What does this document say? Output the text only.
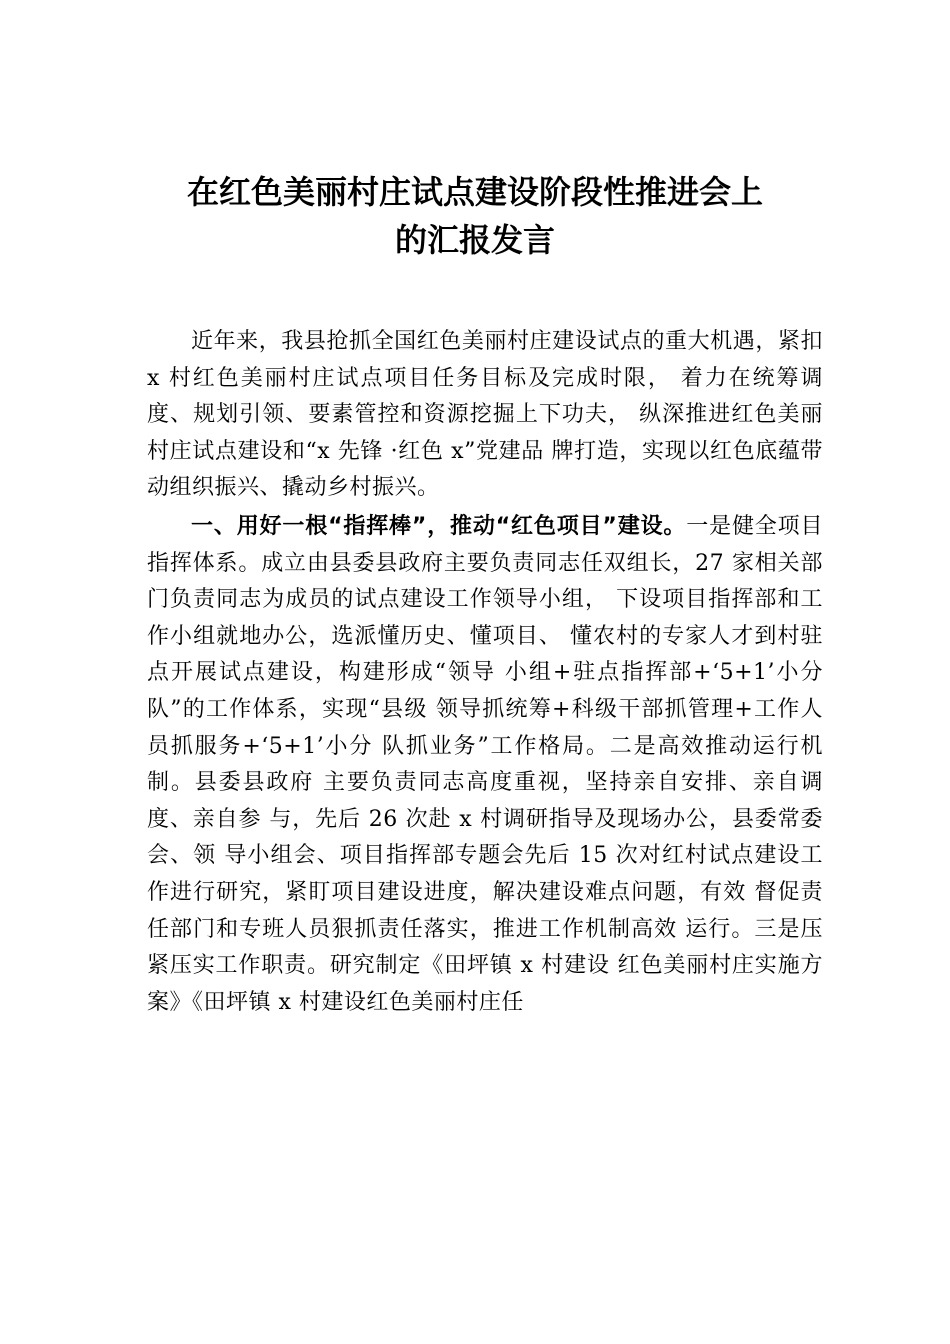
在红色美丽村庄试点建设阶段性推进会上
的汇报发言

近年来，我县抢抓全国红色美丽村庄建设试点的重大机遇，紧扣 x 村红色美丽村庄试点项目任务目标及完成时限， 着力在统筹调度、规划引领、要素管控和资源挖掘上下功夫， 纵深推进红色美丽村庄试点建设和“x 先锋 ·红色 x”党建品 牌打造，实现以红色底蕴带动组织振兴、撬动乡村振兴。

一、用好一根“指挥棒”，推动“红色项目”建设。一是健全项目指挥体系。成立由县委县政府主要负责同志任双组长，27 家相关部门负责同志为成员的试点建设工作领导小组， 下设项目指挥部和工作小组就地办公，选派懂历史、懂项目、 懂农村的专家人才到村驻点开展试点建设，构建形成“领导 小组+驻点指挥部+‘5+1’小分队”的工作体系，实现“县级 领导抓统筹+科级干部抓管理+工作人员抓服务+‘5+1’小分 队抓业务”工作格局。二是高效推动运行机制。县委县政府 主要负责同志高度重视，坚持亲自安排、亲自调度、亲自参 与，先后 26 次赴 x 村调研指导及现场办公，县委常委会、领 导小组会、项目指挥部专题会先后 15 次对红村试点建设工 作进行研究，紧盯项目建设进度，解决建设难点问题，有效 督促责任部门和专班人员狠抓责任落实，推进工作机制高效 运行。三是压紧压实工作职责。研究制定《田坪镇 x 村建设 红色美丽村庄实施方案》《田坪镇 x 村建设红色美丽村庄任
